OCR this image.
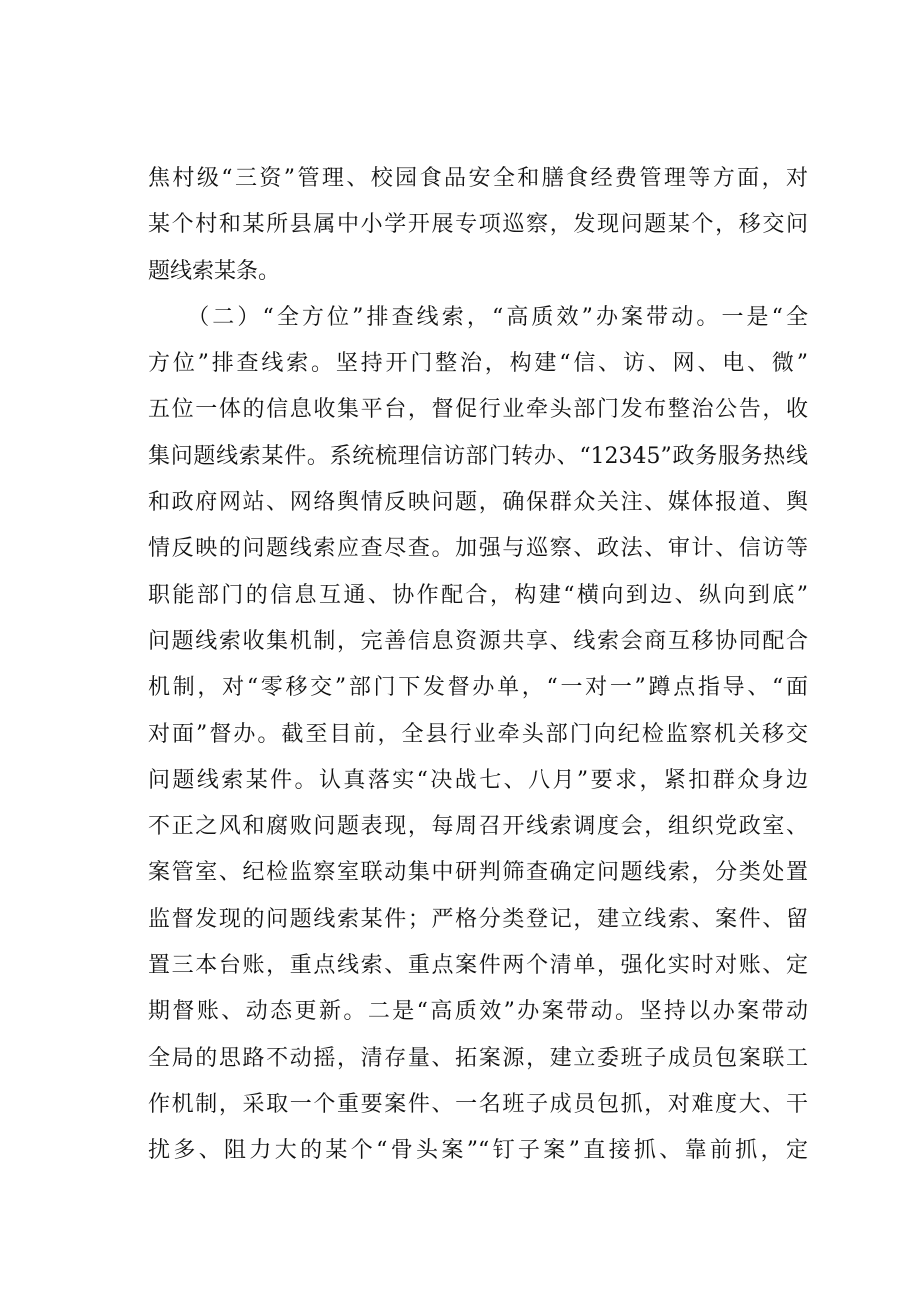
焦村级“三资”管理、校园食品安全和膳食经费管理等方面，对
某个村和某所县属中小学开展专项巡察，发现问题某个，移交问
题线索某条。
　　（二）“全方位”排查线索，“高质效”办案带动。一是“全
方位”排查线索。坚持开门整治，构建“信、访、网、电、微”
五位一体的信息收集平台，督促行业牵头部门发布整治公告，收
集问题线索某件。系统梳理信访部门转办、“12345”政务服务热线
和政府网站、网络舆情反映问题，确保群众关注、媒体报道、舆
情反映的问题线索应查尽查。加强与巡察、政法、审计、信访等
职能部门的信息互通、协作配合，构建“横向到边、纵向到底”
问题线索收集机制，完善信息资源共享、线索会商互移协同配合
机制，对“零移交”部门下发督办单，“一对一”蹲点指导、“面
对面”督办。截至目前，全县行业牵头部门向纪检监察机关移交
问题线索某件。认真落实“决战七、八月”要求，紧扣群众身边
不正之风和腐败问题表现，每周召开线索调度会，组织党政室、
案管室、纪检监察室联动集中研判筛查确定问题线索，分类处置
监督发现的问题线索某件；严格分类登记，建立线索、案件、留
置三本台账，重点线索、重点案件两个清单，强化实时对账、定
期督账、动态更新。二是“高质效”办案带动。坚持以办案带动
全局的思路不动摇，清存量、拓案源，建立委班子成员包案联工
作机制，采取一个重要案件、一名班子成员包抓，对难度大、干
扰多、阻力大的某个“骨头案”“钉子案”直接抓、靠前抓，定
